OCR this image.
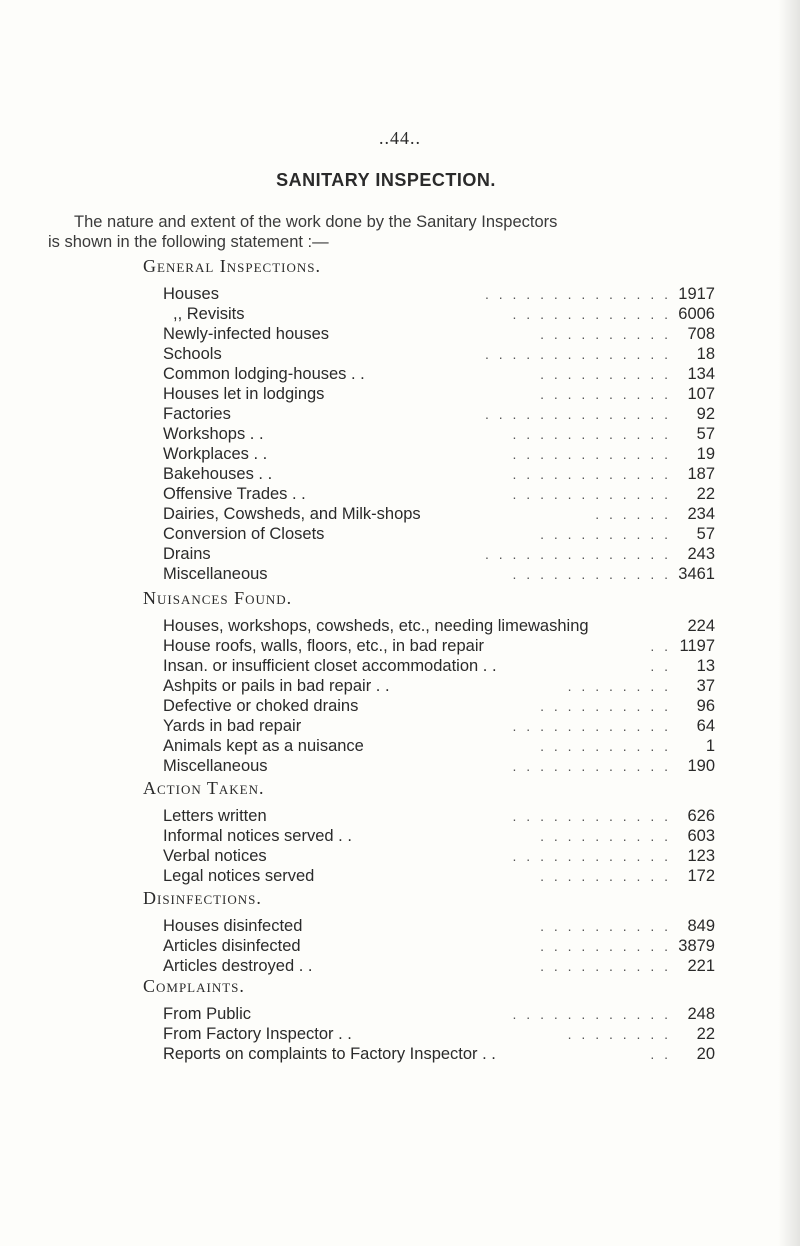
..44..
SANITARY INSPECTION.
The nature and extent of the work done by the Sanitary Inspectors
is shown in the following statement :—
General Inspections.
Houses	. . . . . . . . . . . . . . 1917
,, Revisits	. . . . . . . . . . . . 6006
Newly-infected houses	. . . . . . . . . . 708
Schools	. . . . . . . . . . . . . . 18
Common lodging-houses . .	. . . . . . . . . . 134
Houses let in lodgings	. . . . . . . . . . 107
Factories	. . . . . . . . . . . . . . 92
Workshops . .	. . . . . . . . . . . . 57
Workplaces . .	. . . . . . . . . . . . 19
Bakehouses . .	. . . . . . . . . . . . 187
Offensive Trades . .	. . . . . . . . . . . . 22
Dairies, Cowsheds, and Milk-shops	. . . . . . 234
Conversion of Closets	. . . . . . . . . . 57
Drains	. . . . . . . . . . . . . . 243
Miscellaneous	. . . . . . . . . . . . 3461
Nuisances Found.
Houses, workshops, cowsheds, etc., needing limewashing	224
House roofs, walls, floors, etc., in bad repair	. . 1197
Insan. or insufficient closet accommodation . .	. . 13
Ashpits or pails in bad repair . .	. . . . . . . . 37
Defective or choked drains	. . . . . . . . . . 96
Yards in bad repair	. . . . . . . . . . . . 64
Animals kept as a nuisance	. . . . . . . . . . 1
Miscellaneous	. . . . . . . . . . . . 190
Action Taken.
Letters written	. . . . . . . . . . . . 626
Informal notices served . .	. . . . . . . . . . 603
Verbal notices	. . . . . . . . . . . . 123
Legal notices served	. . . . . . . . . . 172
Disinfections.
Houses disinfected	. . . . . . . . . . 849
Articles disinfected	. . . . . . . . . . 3879
Articles destroyed . .	. . . . . . . . . . 221
Complaints.
From Public	. . . . . . . . . . . . 248
From Factory Inspector . .	. . . . . . . . 22
Reports on complaints to Factory Inspector . .	. . 20
